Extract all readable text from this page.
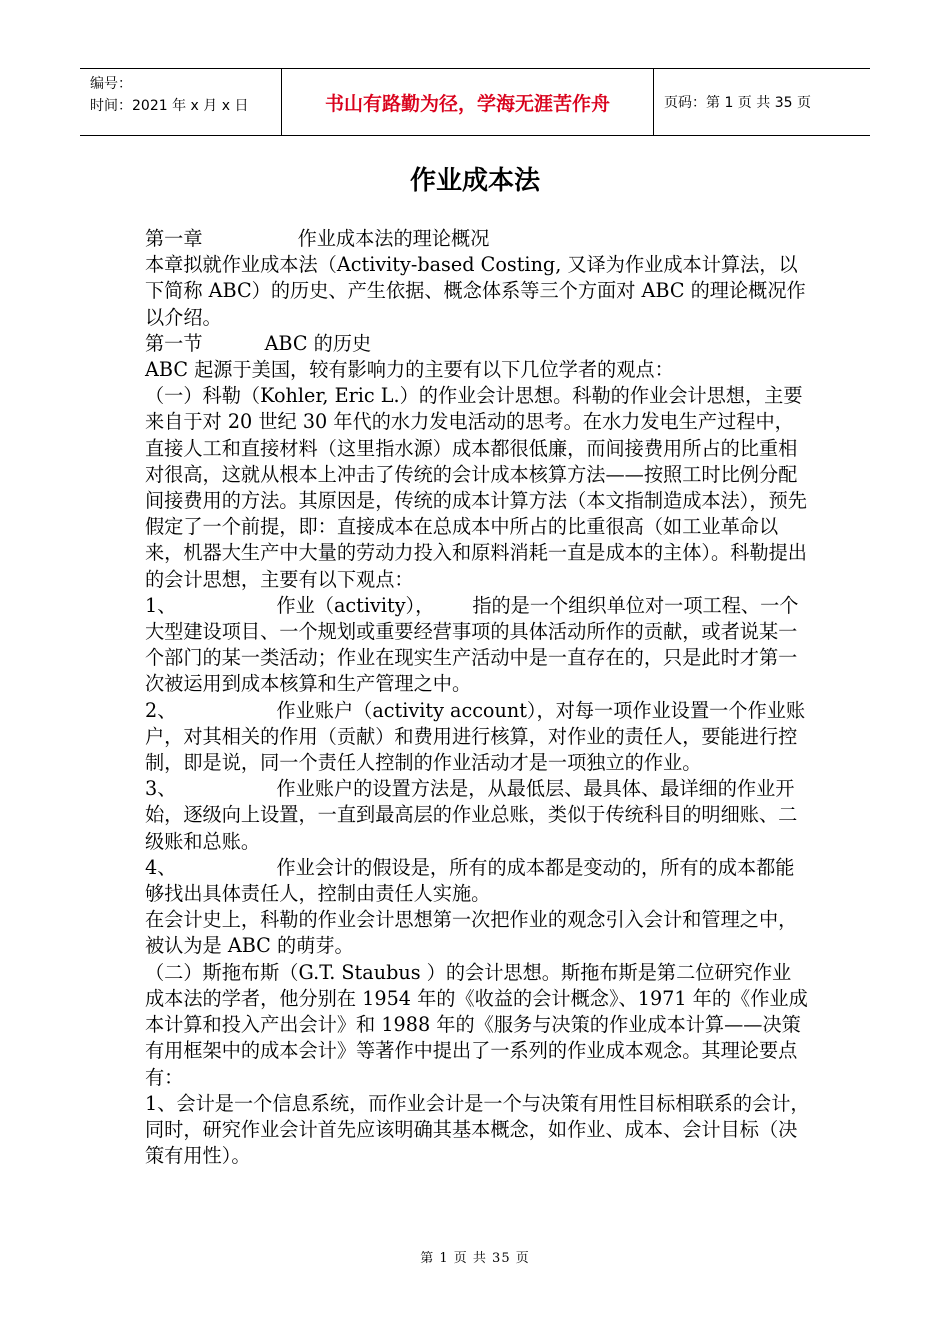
编号：
时间：2021 年 x 月 x 日	书山有路勤为径，学海无涯苦作舟	页码：第 1 页 共 35 页
作业成本法

第一章	作业成本法的理论概况

本章拟就作业成本法（Activity-based Costing, 又译为作业成本计算法，以下简称 ABC）的历史、产生依据、概念体系等三个方面对 ABC 的理论概况作以介绍。

第一节	ABC 的历史

ABC 起源于美国，较有影响力的主要有以下几位学者的观点：

（一）科勒（Kohler, Eric L.）的作业会计思想。科勒的作业会计思想，主要来自于对 20 世纪 30 年代的水力发电活动的思考。在水力发电生产过程中，直接人工和直接材料（这里指水源）成本都很低廉，而间接费用所占的比重相对很高，这就从根本上冲击了传统的会计成本核算方法——按照工时比例分配间接费用的方法。其原因是，传统的成本计算方法（本文指制造成本法），预先假定了一个前提，即：直接成本在总成本中所占的比重很高（如工业革命以来，机器大生产中大量的劳动力投入和原料消耗一直是成本的主体）。科勒提出的会计思想，主要有以下观点：

1、	作业（activity）， 指的是一个组织单位对一项工程、一个大型建设项目、一个规划或重要经营事项的具体活动所作的贡献，或者说某一个部门的某一类活动；作业在现实生产活动中是一直存在的，只是此时才第一次被运用到成本核算和生产管理之中。

2、	作业账户（activity account），对每一项作业设置一个作业账户，对其相关的作用（贡献）和费用进行核算，对作业的责任人，要能进行控制，即是说，同一个责任人控制的作业活动才是一项独立的作业。

3、	作业账户的设置方法是，从最低层、最具体、最详细的作业开始，逐级向上设置，一直到最高层的作业总账，类似于传统科目的明细账、二级账和总账。

4、	作业会计的假设是，所有的成本都是变动的，所有的成本都能够找出具体责任人，控制由责任人实施。

在会计史上，科勒的作业会计思想第一次把作业的观念引入会计和管理之中，被认为是 ABC 的萌芽。

（二）斯拖布斯（G.T. Staubus ）的会计思想。斯拖布斯是第二位研究作业成本法的学者，他分别在 1954 年的《收益的会计概念》、1971 年的《作业成本计算和投入产出会计》和 1988 年的《服务与决策的作业成本计算——决策有用框架中的成本会计》等著作中提出了一系列的作业成本观念。其理论要点有：

1、会计是一个信息系统，而作业会计是一个与决策有用性目标相联系的会计，同时，研究作业会计首先应该明确其基本概念，如作业、成本、会计目标（决策有用性）。

第 1 页 共 35 页
